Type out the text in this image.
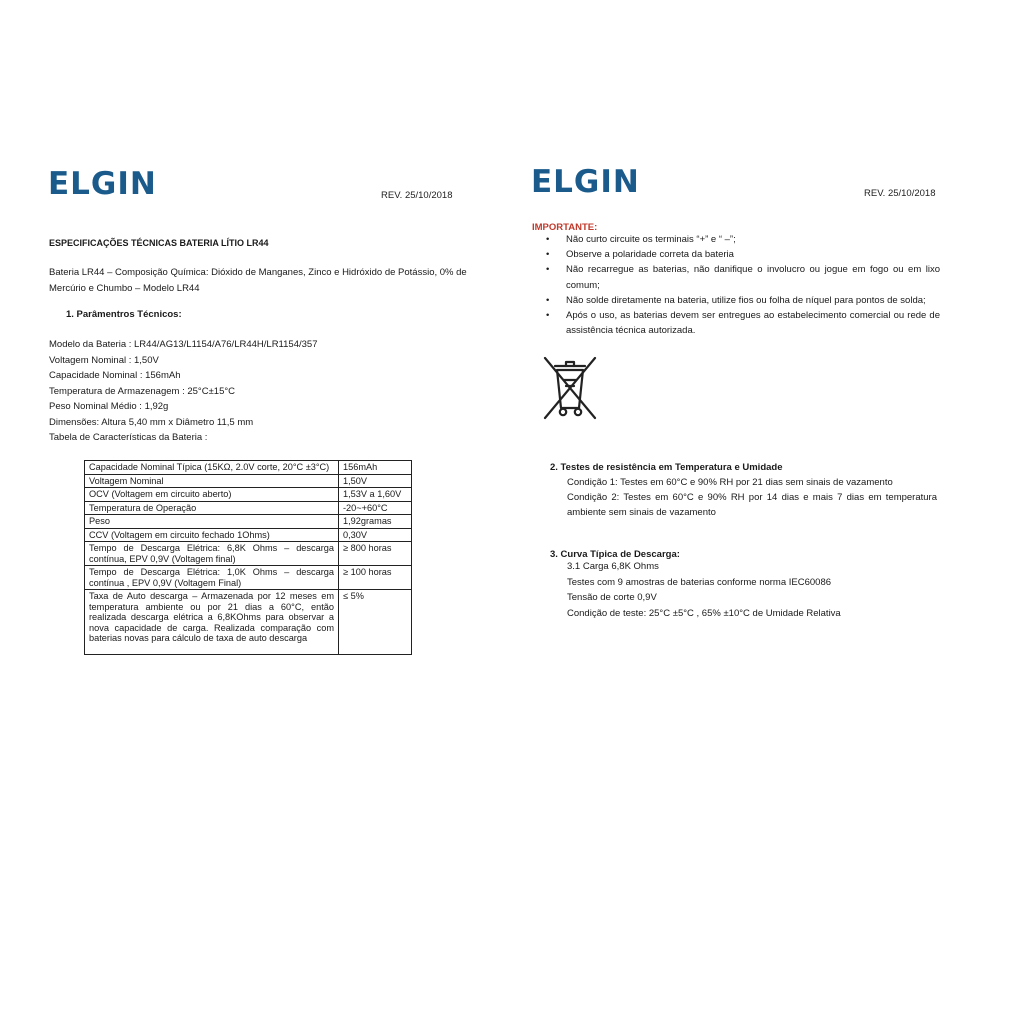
ELGIN	REV. 25/10/2018
ESPECIFICAÇÕES TÉCNICAS BATERIA LÍTIO LR44
Bateria LR44 – Composição Química: Dióxido de Manganes, Zinco e Hidróxido de Potássio, 0% de Mercúrio e Chumbo – Modelo LR44
1. Parâmentros Técnicos:
Modelo da Bateria : LR44/AG13/L1154/A76/LR44H/LR1154/357
Voltagem Nominal : 1,50V
Capacidade Nominal : 156mAh
Temperatura de Armazenagem : 25°C±15°C
Peso Nominal Médio : 1,92g
Dimensões: Altura 5,40 mm x Diâmetro 11,5 mm
Tabela de Características da Bateria :
Capacidade Nominal Típica (15KΩ, 2.0V corte, 20°C ±3°C)	156mAh
Voltagem Nominal	1,50V
OCV (Voltagem em circuito aberto)	1,53V a 1,60V
Temperatura de Operação	-20~+60°C
Peso	1,92gramas
CCV (Voltagem em circuito fechado 1Ohms)	0,30V
Tempo de Descarga Elétrica: 6,8K Ohms – descarga contínua, EPV 0,9V (Voltagem final)	≥ 800 horas
Tempo de Descarga Elétrica: 1,0K Ohms – descarga contínua , EPV 0,9V (Voltagem Final)	≥ 100 horas
Taxa de Auto descarga – Armazenada por 12 meses em temperatura ambiente ou por 21 dias a 60°C, então realizada descarga elétrica a 6,8KOhms para observar a nova capacidade de carga. Realizada comparação com baterias novas para cálculo de taxa de auto descarga	≤ 5%
ELGIN	REV. 25/10/2018
IMPORTANTE:
• Não curto circuite os terminais “+” e “ –”;
• Observe a polaridade correta da bateria
• Não recarregue as baterias, não danifique o involucro ou jogue em fogo ou em lixo comum;
• Não solde diretamente na bateria, utilize fios ou folha de níquel para pontos de solda;
• Após o uso, as baterias devem ser entregues ao estabelecimento comercial ou rede de assistência técnica autorizada.
2. Testes de resistência em Temperatura e Umidade

Condição 1: Testes em 60°C e 90% RH por 21 dias sem sinais de vazamento

Condição 2: Testes em 60°C e 90% RH por 14 dias e mais 7 dias em temperatura ambiente sem sinais de vazamento

3. Curva Típica de Descarga:
3.1 Carga 6,8K Ohms
Testes com 9 amostras de baterias conforme norma IEC60086
Tensão de corte 0,9V
Condição de teste: 25°C ±5°C , 65% ±10°C de Umidade Relativa
